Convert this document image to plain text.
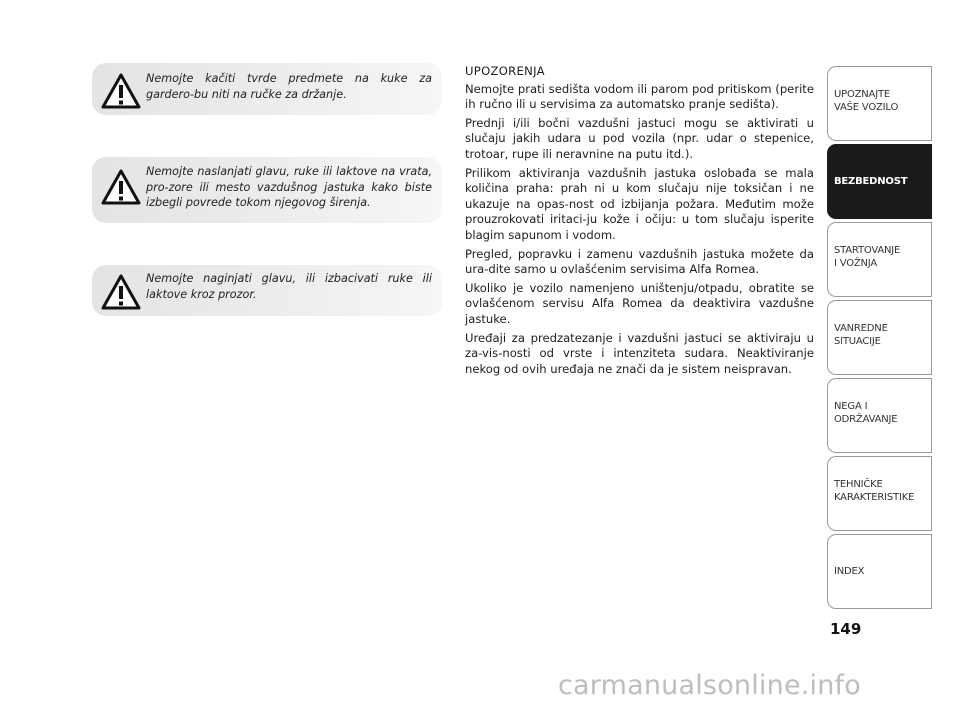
Nemojte kačiti tvrde predmete na kuke za gardero-bu niti na ručke za držanje.
Nemojte naslanjati glavu, ruke ili laktove na vrata, pro-zore ili mesto vazdušnog jastuka kako biste izbegli povrede tokom njegovog širenja.
Nemojte naginjati glavu, ili izbacivati ruke ili laktove kroz prozor.
UPOZORENJA

Nemojte prati sedišta vodom ili parom pod pritiskom (perite ih ručno ili u servisima za automatsko pranje sedišta).

Prednji i/ili bočni vazdušni jastuci mogu se aktivirati u slučaju jakih udara u pod vozila (npr. udar o stepenice, trotoar, rupe ili neravnine na putu itd.).

Prilikom aktiviranja vazdušnih jastuka oslobađa se mala količina praha: prah ni u kom slučaju nije toksičan i ne ukazuje na opas-nost od izbijanja požara. Međutim može prouzrokovati iritaci-ju kože i očiju: u tom slučaju isperite blagim sapunom i vodom.

Pregled, popravku i zamenu vazdušnih jastuka možete da ura-dite samo u ovlašćenim servisima Alfa Romea.

Ukoliko je vozilo namenjeno uništenju/otpadu, obratite se ovlašćenom servisu Alfa Romea da deaktivira vazdušne jastuke.

Uređaji za predzatezanje i vazdušni jastuci se aktiviraju u za-vis-nosti od vrste i intenziteta sudara. Neaktiviranje nekog od ovih uređaja ne znači da je sistem neispravan.

UPOZNAJTE
VAŠE VOZILO
BEZBEDNOST
STARTOVANJE
I VOŽNJA
VANREDNE
SITUACIJE
NEGA I
ODRŽAVANJE
TEHNIČKE
KARAKTERISTIKE
INDEX
149
carmanualsonline.info
